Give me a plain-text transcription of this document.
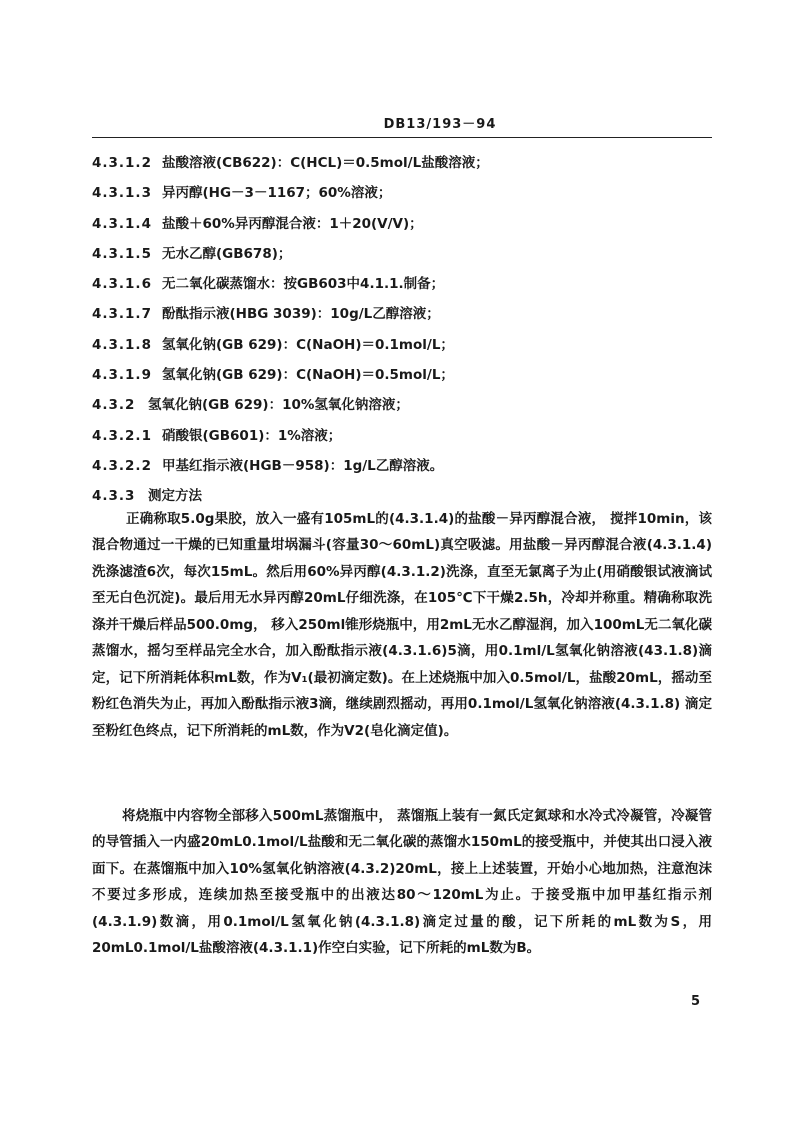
DB13/193－94
4.3.1.2 盐酸溶液(CB622)：C(HCL)＝0.5mol/L盐酸溶液；
4.3.1.3 异丙醇(HG－3－1167；60%溶液；
4.3.1.4 盐酸＋60%异丙醇混合液：1＋20(V/V)；
4.3.1.5 无水乙醇(GB678)；
4.3.1.6 无二氧化碳蒸馏水：按GB603中4.1.1.制备；
4.3.1.7 酚酞指示液(HBG 3039)：10g/L乙醇溶液；
4.3.1.8 氢氧化钠(GB 629)：C(NaOH)＝0.1mol/L；
4.3.1.9 氢氧化钠(GB 629)：C(NaOH)＝0.5mol/L；
4.3.2 氢氧化钠(GB 629)：10%氢氧化钠溶液；
4.3.2.1 硝酸银(GB601)：1%溶液；
4.3.2.2 甲基红指示液(HGB－958)：1g/L乙醇溶液。
4.3.3 测定方法

正确称取5.0g果胶，放入一盛有105mL的(4.3.1.4)的盐酸－异丙醇混合液， 搅拌10min，该混合物通过一干燥的已知重量坩埚漏斗(容量30～60mL)真空吸滤。用盐酸－异丙醇混合液(4.3.1.4)洗涤滤渣6次，每次15mL。然后用60%异丙醇(4.3.1.2)洗涤，直至无氯离子为止(用硝酸银试液滴试至无白色沉淀)。最后用无水异丙醇20mL仔细洗涤，在105℃下干燥2.5h，冷却并称重。精确称取洗涤并干燥后样品500.0mg， 移入250ml锥形烧瓶中，用2mL无水乙醇湿润，加入100mL无二氧化碳蒸馏水，摇匀至样品完全水合，加入酚酞指示液(4.3.1.6)5滴，用0.1ml/L氢氧化钠溶液(43.1.8)滴定，记下所消耗体积mL数，作为V₁(最初滴定数)。在上述烧瓶中加入0.5mol/L，盐酸20mL，摇动至粉红色消失为止，再加入酚酞指示液3滴，继续剧烈摇动，再用0.1mol/L氢氧化钠溶液(4.3.1.8) 滴定至粉红色终点，记下所消耗的mL数，作为V2(皂化滴定值)。

将烧瓶中内容物全部移入500mL蒸馏瓶中， 蒸馏瓶上装有一氮氏定氮球和水冷式冷凝管，冷凝管的导管插入一内盛20mL0.1mol/L盐酸和无二氧化碳的蒸馏水150mL的接受瓶中，并使其出口浸入液面下。在蒸馏瓶中加入10%氢氧化钠溶液(4.3.2)20mL，接上上述装置，开始小心地加热，注意泡沫不要过多形成，连续加热至接受瓶中的出液达80～120mL为止。于接受瓶中加甲基红指示剂(4.3.1.9)数滴，用0.1mol/L氢氧化钠(4.3.1.8)滴定过量的酸，记下所耗的mL数为S，用20mL0.1mol/L盐酸溶液(4.3.1.1)作空白实验，记下所耗的mL数为B。

5
